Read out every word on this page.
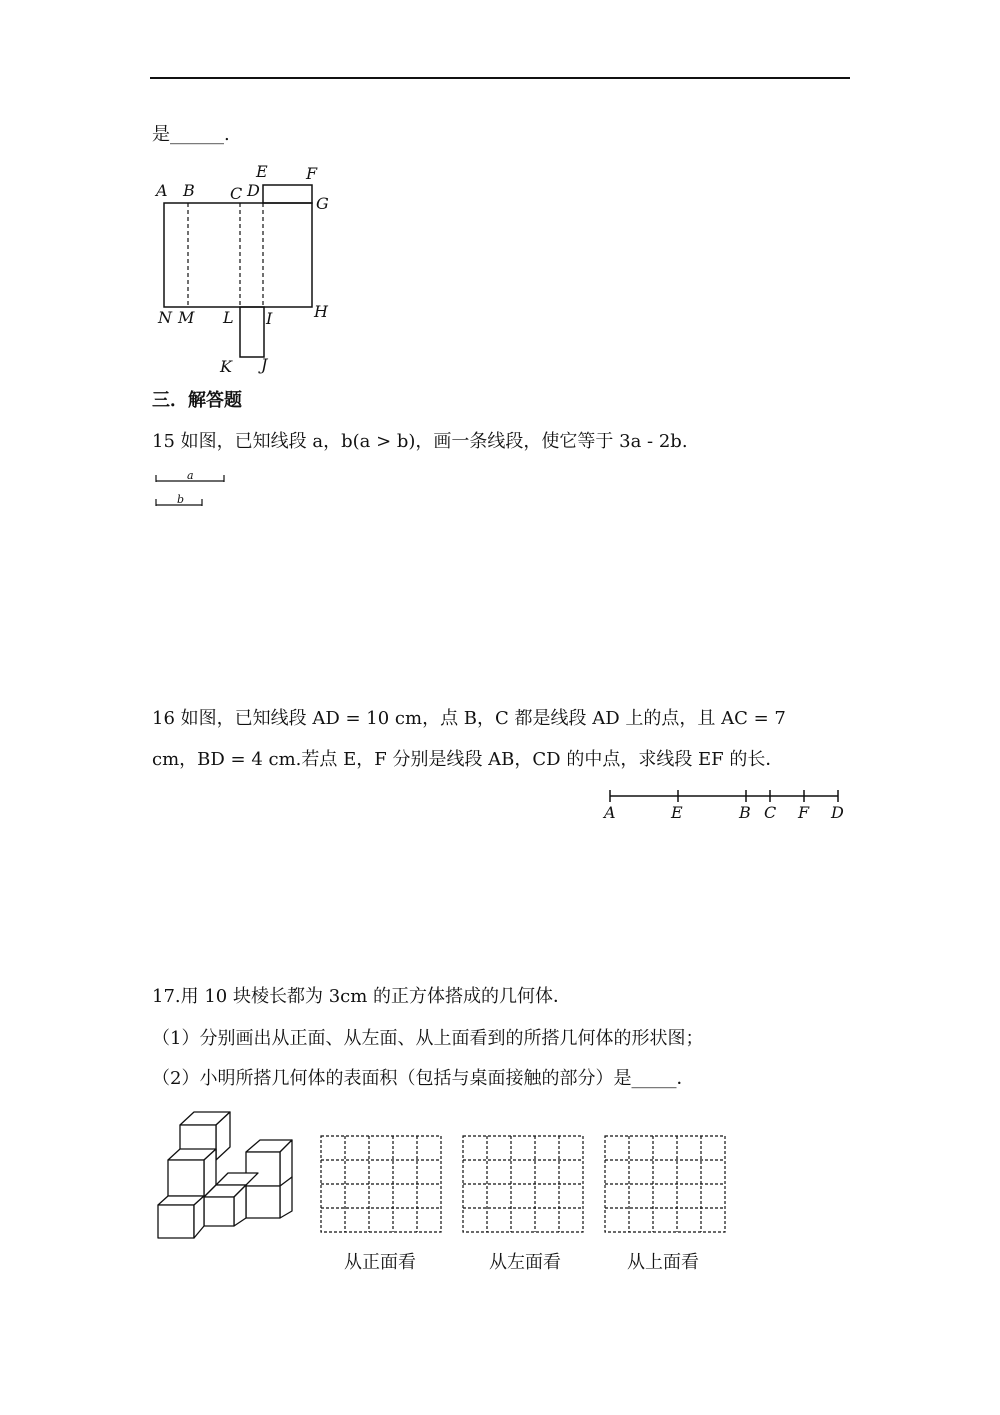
是______.
A B C D
E F
G
H
I
J
K
L
M
N
三．解答题
15 如图，已知线段 a，b(a > b)，画一条线段，使它等于 3a - 2b.
a
b
16 如图，已知线段 AD = 10 cm，点 B，C 都是线段 AD 上的点，且 AC = 7
cm，BD = 4 cm.若点 E，F 分别是线段 AB，CD 的中点，求线段 EF 的长．
A	E	B C F D
17.用 10 块棱长都为 3cm 的正方体搭成的几何体．
（1）分别画出从正面、从左面、从上面看到的所搭几何体的形状图；
（2）小明所搭几何体的表面积（包括与桌面接触的部分）是_____．
从正面看	从左面看	从上面看
